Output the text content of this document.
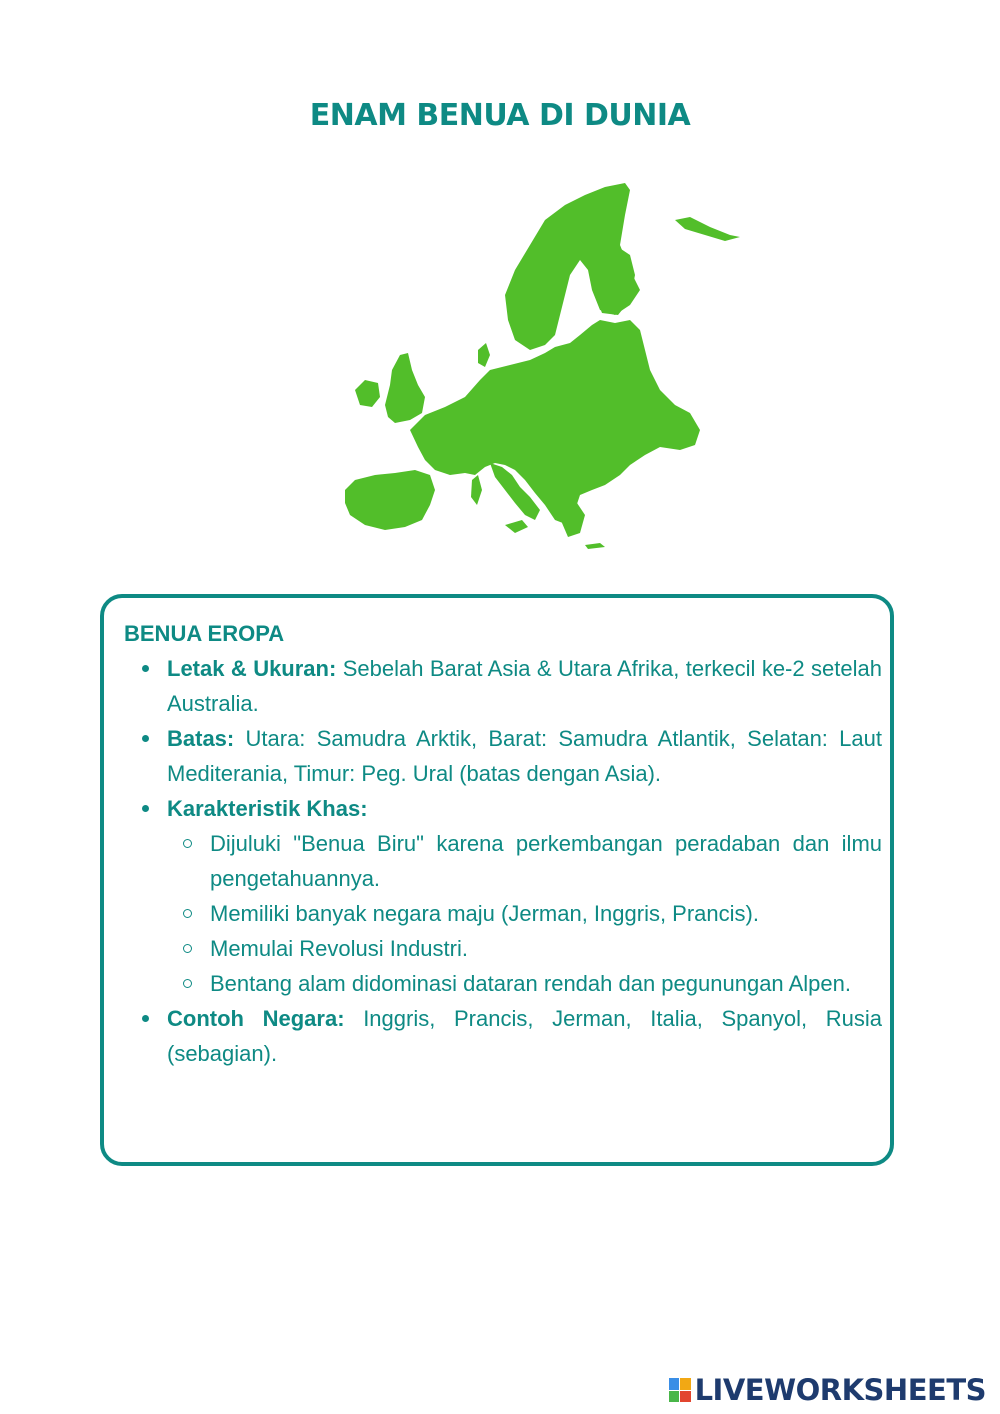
ENAM BENUA DI DUNIA

BENUA EROPA

Letak & Ukuran: Sebelah Barat Asia & Utara Afrika, terkecil ke-2 setelah Australia.
Batas: Utara: Samudra Arktik, Barat: Samudra Atlantik, Selatan: Laut Mediterania, Timur: Peg. Ural (batas dengan Asia).
Karakteristik Khas:
Dijuluki "Benua Biru" karena perkembangan peradaban dan ilmu pengetahuannya.
Memiliki banyak negara maju (Jerman, Inggris, Prancis).
Memulai Revolusi Industri.
Bentang alam didominasi dataran rendah dan pegunungan Alpen.
Contoh Negara: Inggris, Prancis, Jerman, Italia, Spanyol, Rusia (sebagian).
LIVEWORKSHEETS
